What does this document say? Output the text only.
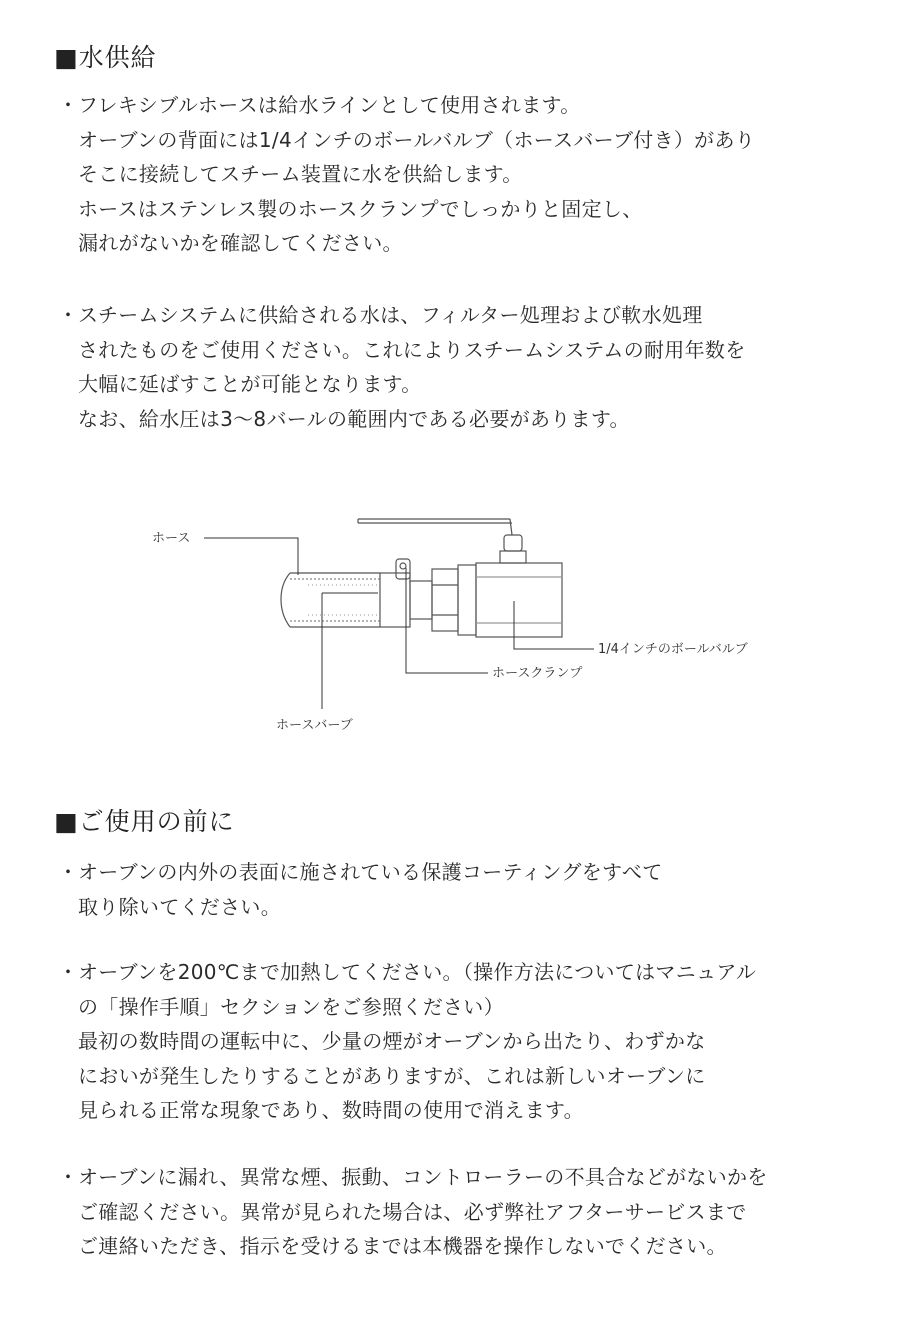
■水供給
・ フレキシブルホースは給水ラインとして使用されます。
オーブンの背面には1/4インチのボールバルブ（ホースバーブ付き）があり
そこに接続してスチーム装置に水を供給します。
ホースはステンレス製のホースクランプでしっかりと固定し、
漏れがないかを確認してください。
・ スチームシステムに供給される水は、フィルター処理および軟水処理
されたものをご使用ください。これによりスチームシステムの耐用年数を
大幅に延ばすことが可能となります。
なお、給水圧は3〜8バールの範囲内である必要があります。
ホース
1/4インチのボールバルブ
ホースクランプ
ホースバーブ
■ご使用の前に
・ オーブンの内外の表面に施されている保護コーティングをすべて
取り除いてください。
・ オーブンを200℃まで加熱してください。（操作方法についてはマニュアル
の「操作手順」セクションをご参照ください）
最初の数時間の運転中に、少量の煙がオーブンから出たり、わずかな
においが発生したりすることがありますが、これは新しいオーブンに
見られる正常な現象であり、数時間の使用で消えます。
・ オーブンに漏れ、異常な煙、振動、コントローラーの不具合などがないかを
ご確認ください。異常が見られた場合は、必ず弊社アフターサービスまで
ご連絡いただき、指示を受けるまでは本機器を操作しないでください。
